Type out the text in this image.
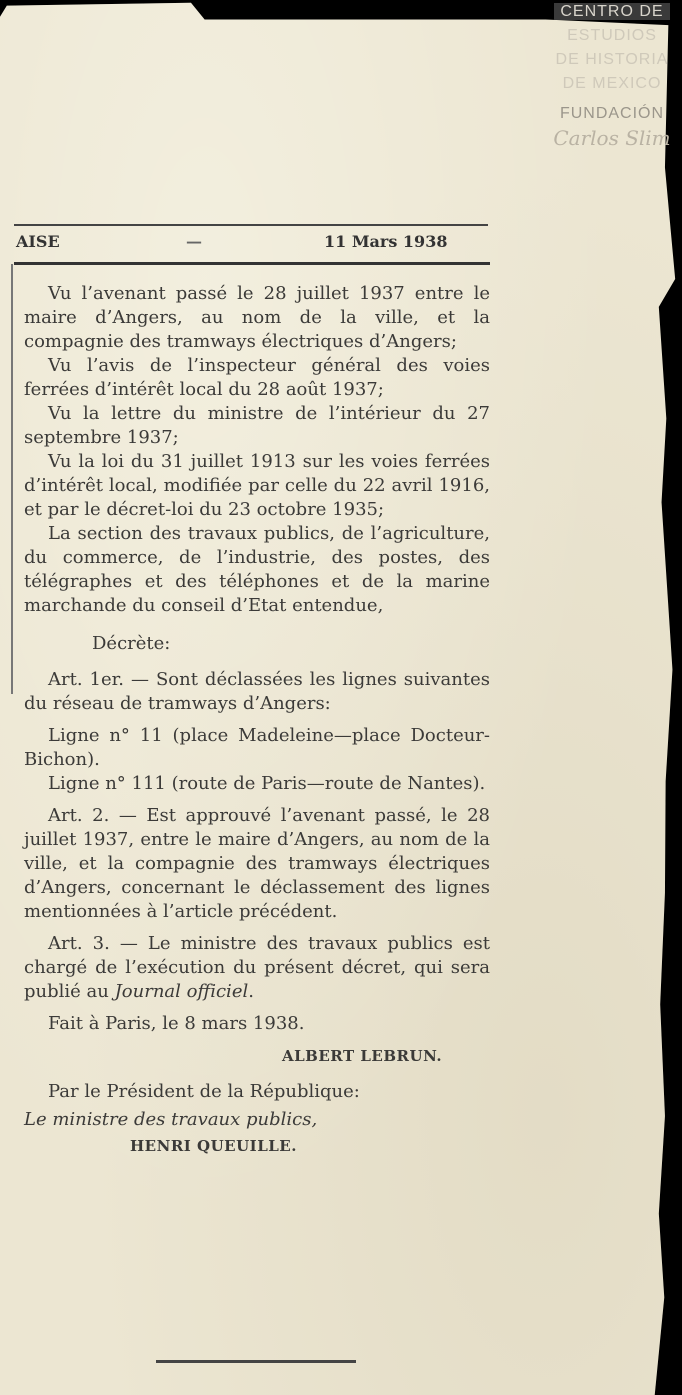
CENTRO DE
ESTUDIOS
DE HISTORIA
DE MEXICO
FUNDACIÓN
Carlos Slim
AISE	—	11 Mars 1938

Vu l’avenant passé le 28 juillet 1937 entre le maire d’Angers, au nom de la ville, et la compagnie des tramways électriques d’Angers;

Vu l’avis de l’inspecteur général des voies ferrées d’intérêt local du 28 août 1937;

Vu la lettre du ministre de l’intérieur du 27 septembre 1937;

Vu la loi du 31 juillet 1913 sur les voies ferrées d’intérêt local, modifiée par celle du 22 avril 1916, et par le décret-loi du 23 octobre 1935;

La section des travaux publics, de l’agriculture, du commerce, de l’industrie, des postes, des télégraphes et des téléphones et de la marine marchande du conseil d’Etat entendue,

Décrète:

Art. 1er. — Sont déclassées les lignes suivantes du réseau de tramways d’Angers:

Ligne n° 11 (place Madeleine—place Docteur-Bichon).

Ligne n° 111 (route de Paris—route de Nantes).

Art. 2. — Est approuvé l’avenant passé, le 28 juillet 1937, entre le maire d’Angers, au nom de la ville, et la compagnie des tramways électriques d’Angers, concernant le déclassement des lignes mentionnées à l’article précédent.

Art. 3. — Le ministre des travaux publics est chargé de l’exécution du présent décret, qui sera publié au Journal officiel.

Fait à Paris, le 8 mars 1938.

ALBERT LEBRUN.

Par le Président de la République:

Le ministre des travaux publics,

HENRI QUEUILLE.
